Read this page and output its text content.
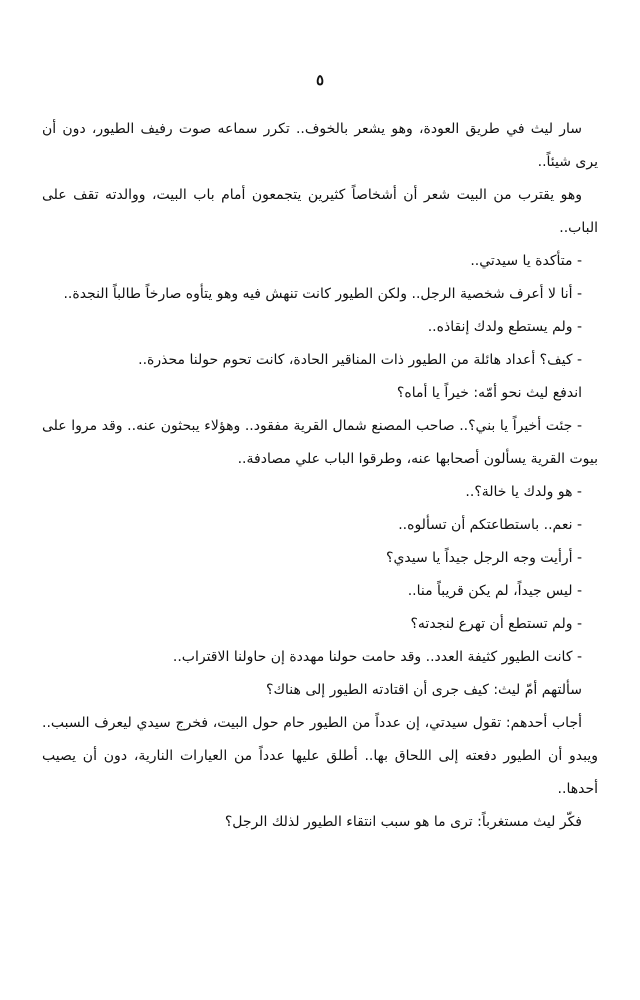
٥

سار ليث في طريق العودة، وهو يشعر بالخوف.. تكرر سماعه صوت رفيف الطيور، دون أن يرى شيئاً..

وهو يقترب من البيت شعر أن أشخاصاً كثيرين يتجمعون أمام باب البيت، ووالدته تقف على الباب..

- متأكدة يا سيدتي..

- أنا لا أعرف شخصية الرجل.. ولكن الطيور كانت تنهش فيه وهو يتأوه صارخاً طالباً النجدة..

- ولم يستطع ولدك إنقاذه..

- كيف؟ أعداد هائلة من الطيور ذات المناقير الحادة، كانت تحوم حولنا محذرة..

اندفع ليث نحو أمّه: خيراً يا أماه؟

- جئت أخيراً يا بني؟.. صاحب المصنع شمال القرية مفقود.. وهؤلاء يبحثون عنه.. وقد مروا على بيوت القرية يسألون أصحابها عنه، وطرقوا الباب علي مصادفة..

- هو ولدك يا خالة؟..

- نعم.. باستطاعتكم أن تسألوه..

- أرأيت وجه الرجل جيداً يا سيدي؟

- ليس جيداً، لم يكن قريباً منا..

- ولم تستطع أن تهرع لنجدته؟

- كانت الطيور كثيفة العدد.. وقد حامت حولنا مهددة إن حاولنا الاقتراب..

سألتهم أمّ ليث: كيف جرى أن اقتادته الطيور إلى هناك؟

أجاب أحدهم: تقول سيدتي، إن عدداً من الطيور حام حول البيت، فخرج سيدي ليعرف السبب.. ويبدو أن الطيور دفعته إلى اللحاق بها.. أطلق عليها عدداً من العيارات النارية، دون أن يصيب أحدها..

فكّر ليث مستغرباً: ترى ما هو سبب انتقاء الطيور لذلك الرجل؟
